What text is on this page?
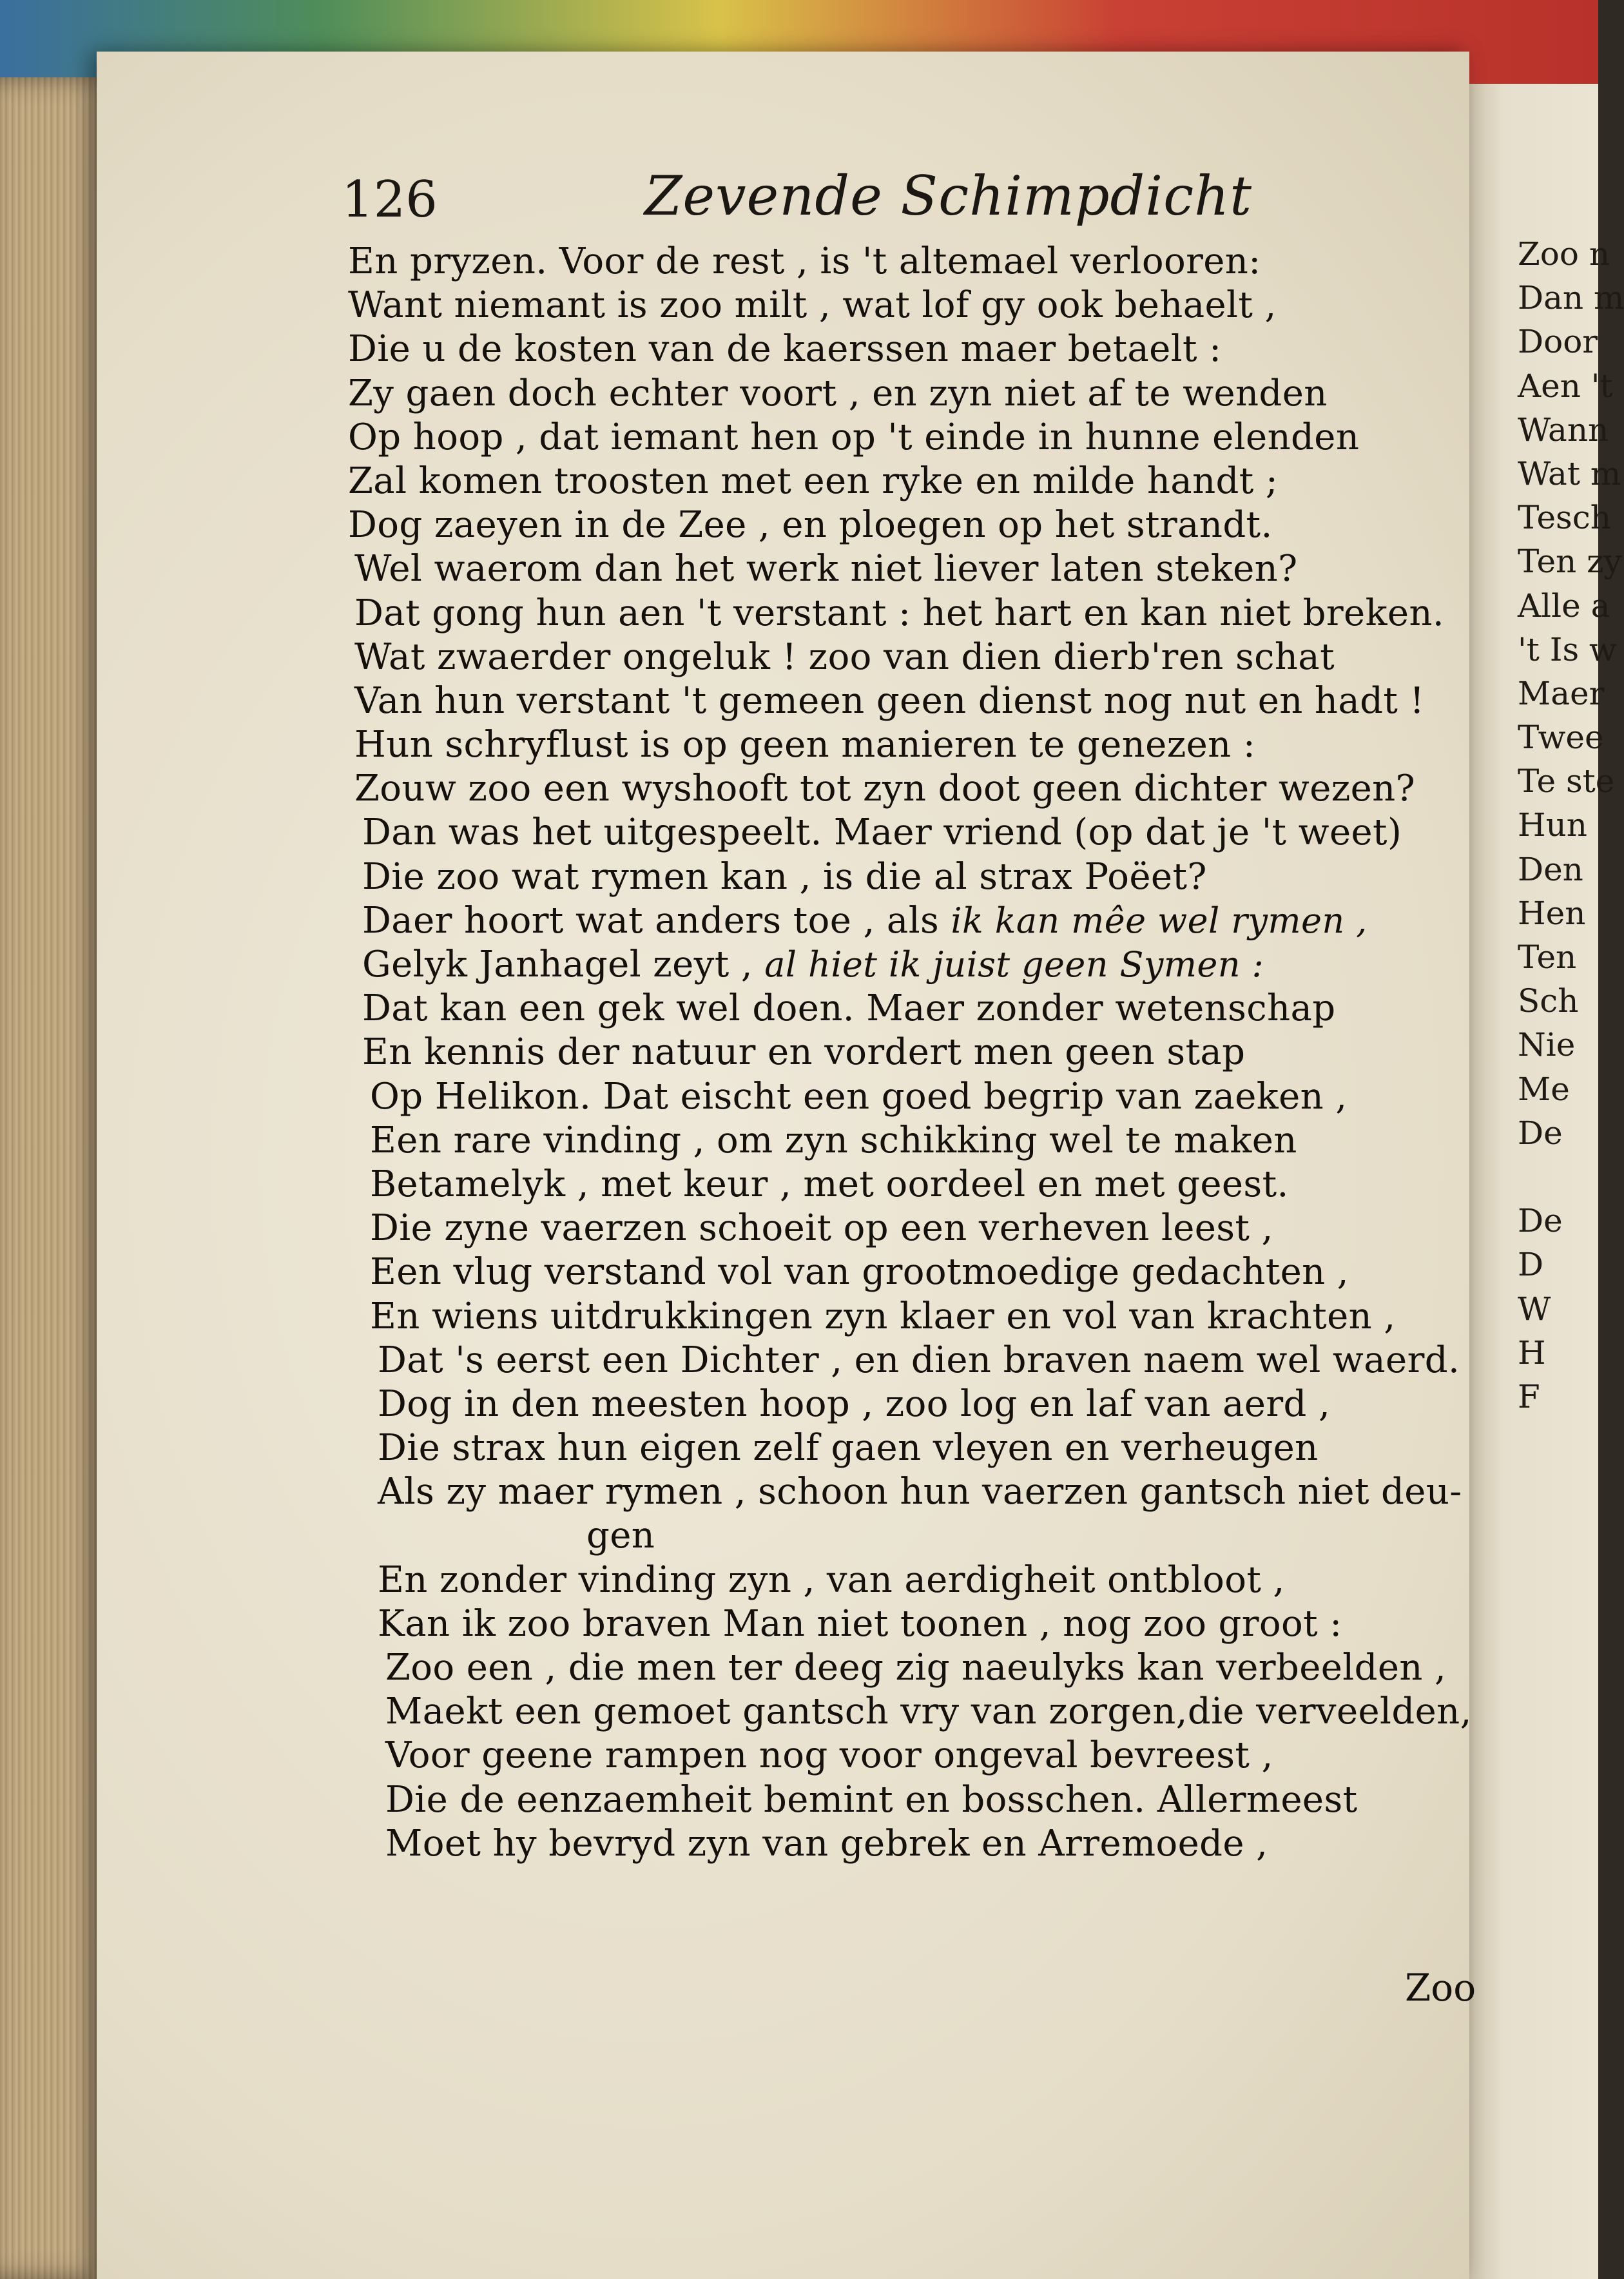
126	Zevende Schimpdicht
En pryzen. Voor de rest , is 't altemael verlooren:
Want niemant is zoo milt , wat lof gy ook behaelt ,
Die u de kosten van de kaerssen maer betaelt :
Zy gaen doch echter voort , en zyn niet af te wenden
Op hoop , dat iemant hen op 't einde in hunne elenden
Zal komen troosten met een ryke en milde handt ;
Dog zaeyen in de Zee , en ploegen op het strandt.
Wel waerom dan het werk niet liever laten steken?
Dat gong hun aen 't verstant : het hart en kan niet breken.
Wat zwaerder ongeluk ! zoo van dien dierb'ren schat
Van hun verstant 't gemeen geen dienst nog nut en hadt !
Hun schryflust is op geen manieren te genezen :
Zouw zoo een wyshooft tot zyn doot geen dichter wezen?
Dan was het uitgespeelt. Maer vriend (op dat je 't weet)
Die zoo wat rymen kan , is die al strax Poëet?
Daer hoort wat anders toe , als ik kan mêe wel rymen ,
Gelyk Janhagel zeyt , al hiet ik juist geen Symen :
Dat kan een gek wel doen. Maer zonder wetenschap
En kennis der natuur en vordert men geen stap
Op Helikon. Dat eischt een goed begrip van zaeken ,
Een rare vinding , om zyn schikking wel te maken
Betamelyk , met keur , met oordeel en met geest.
Die zyne vaerzen schoeit op een verheven leest ,
Een vlug verstand vol van grootmoedige gedachten ,
En wiens uitdrukkingen zyn klaer en vol van krachten ,
Dat 's eerst een Dichter , en dien braven naem wel waerd.
Dog in den meesten hoop , zoo log en laf van aerd ,
Die strax hun eigen zelf gaen vleyen en verheugen
Als zy maer rymen , schoon hun vaerzen gantsch niet deu-
gen
En zonder vinding zyn , van aerdigheit ontbloot ,
Kan ik zoo braven Man niet toonen , nog zoo groot :
Zoo een , die men ter deeg zig naeulyks kan verbeelden ,
Maekt een gemoet gantsch vry van zorgen,die verveelden,
Voor geene rampen nog voor ongeval bevreest ,
Die de eenzaemheit bemint en bosschen. Allermeest
Moet hy bevryd zyn van gebrek en Arremoede ,
Zoo
Zoo n
Dan m
Door
Aen 't
Wann
Wat m
Tesch
Ten zy
Alle a
't Is w
Maer
Twee
Te ste
Hun
Den
Hen
Ten
Sch
Nie
Me
De
De
D
W
H
F
